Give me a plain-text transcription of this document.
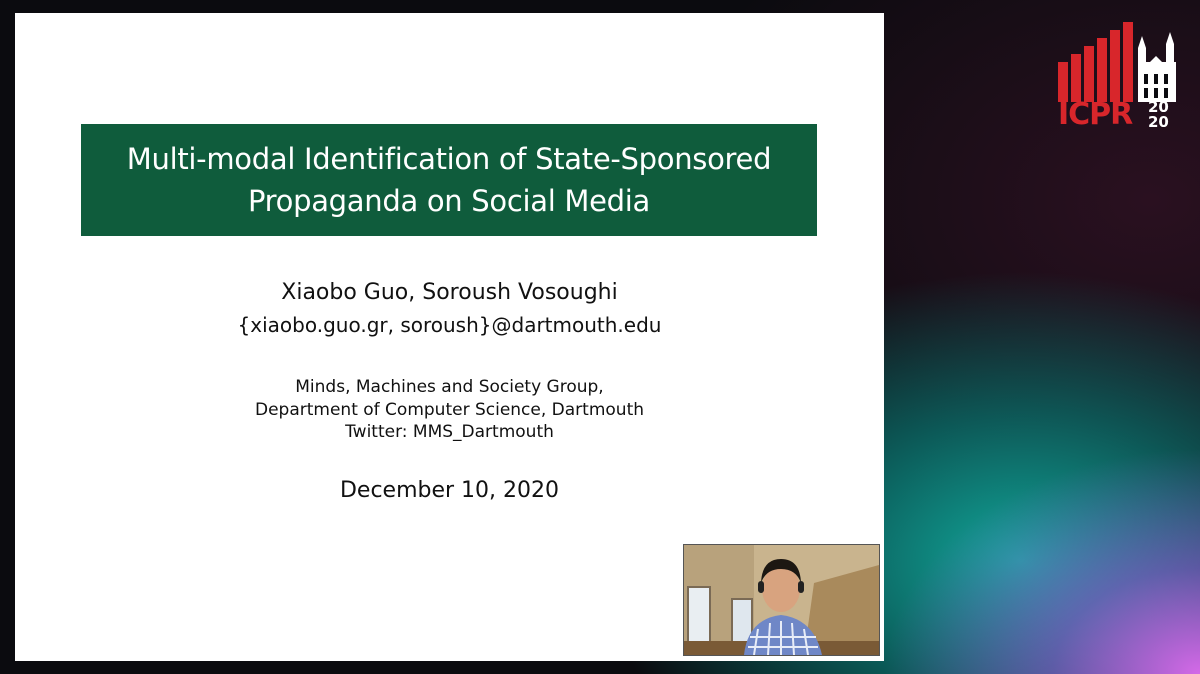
Multi-modal Identification of State-Sponsored
Propaganda on Social Media
Xiaobo Guo, Soroush Vosoughi
{xiaobo.guo.gr, soroush}@dartmouth.edu
Minds, Machines and Society Group,
Department of Computer Science, Dartmouth
Twitter: MMS_Dartmouth
December 10, 2020
ICPR 20
20
